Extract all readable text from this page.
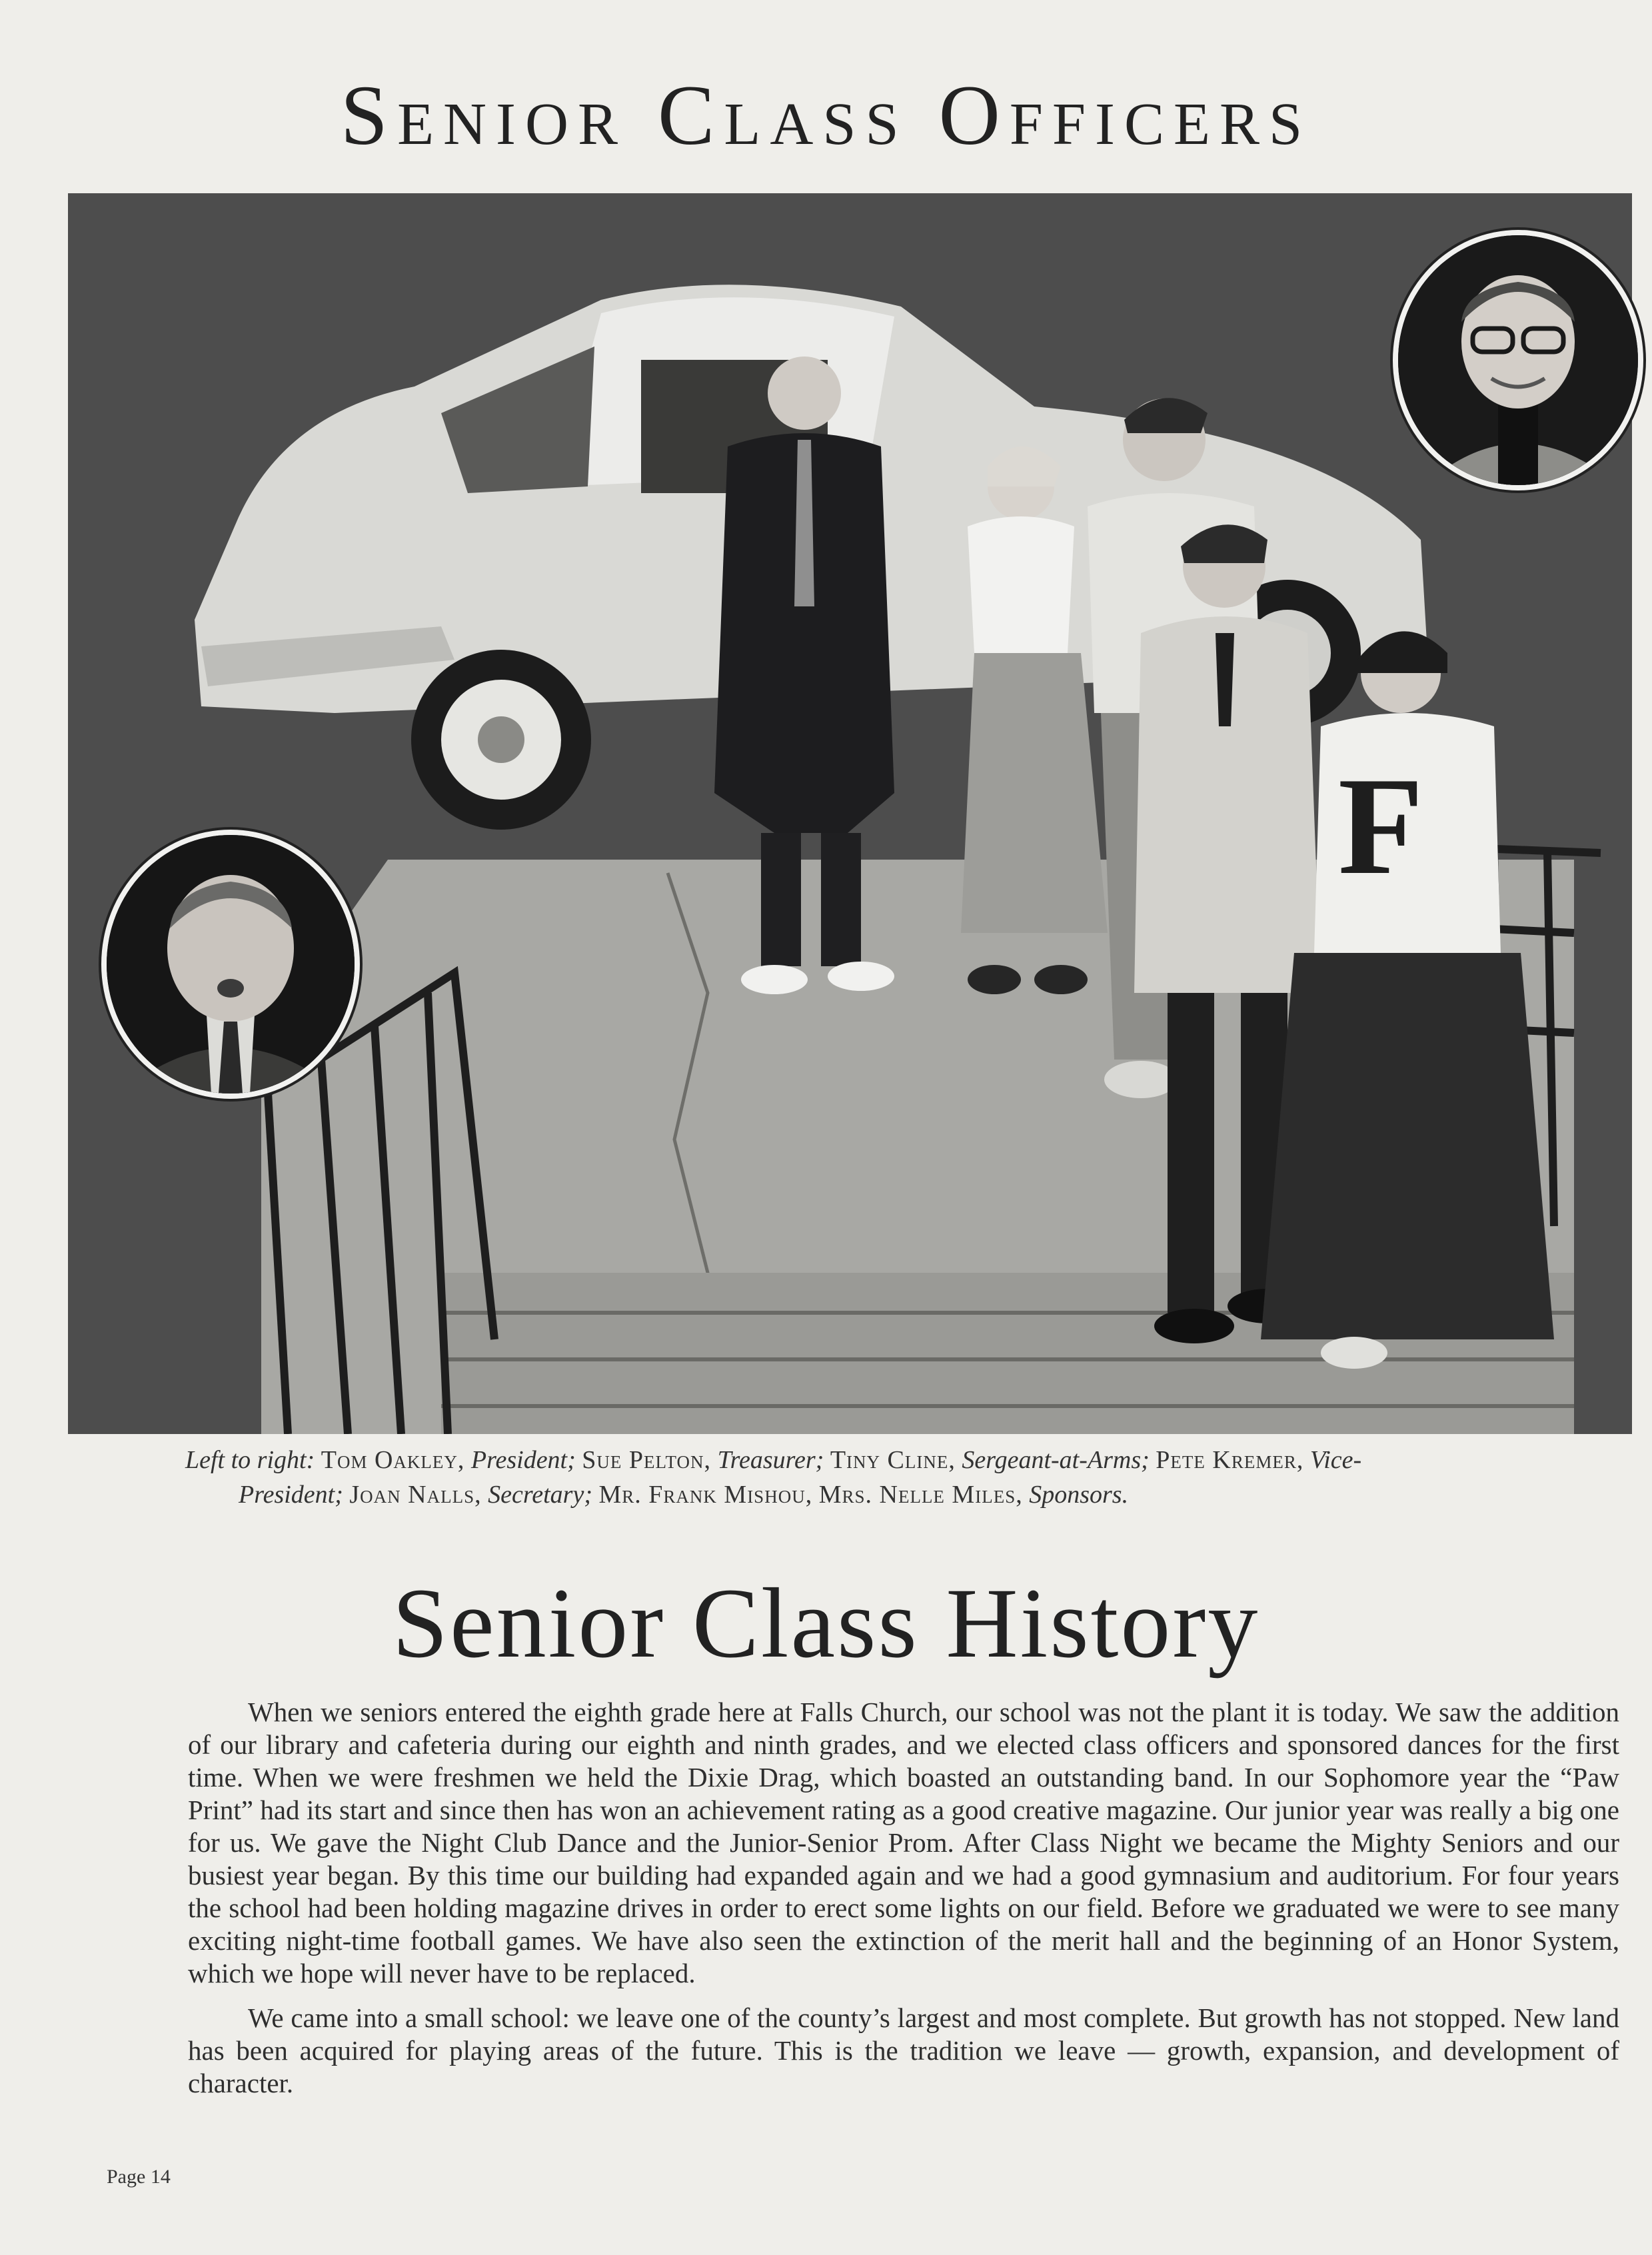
Senior Class Officers
F
Left to right: Tom Oakley, President; Sue Pelton, Treasurer; Tiny Cline, Sergeant-at-Arms; Pete Kremer, Vice-
President; Joan Nalls, Secretary; Mr. Frank Mishou, Mrs. Nelle Miles, Sponsors.
Senior Class History

When we seniors entered the eighth grade here at Falls Church, our school was not the plant it is today. We saw the addition of our library and cafeteria during our eighth and ninth grades, and we elected class officers and sponsored dances for the first time. When we were freshmen we held the Dixie Drag, which boasted an outstanding band. In our Sophomore year the “Paw Print” had its start and since then has won an achievement rating as a good creative magazine. Our junior year was really a big one for us. We gave the Night Club Dance and the Junior-Senior Prom. After Class Night we became the Mighty Seniors and our busiest year began. By this time our building had expanded again and we had a good gymnasium and auditorium. For four years the school had been holding magazine drives in order to erect some lights on our field. Before we graduated we were to see many exciting night-time football games. We have also seen the extinction of the merit hall and the beginning of an Honor System, which we hope will never have to be replaced.

We came into a small school: we leave one of the county’s largest and most complete. But growth has not stopped. New land has been acquired for playing areas of the future. This is the tradition we leave — growth, expansion, and development of character.

Page 14
